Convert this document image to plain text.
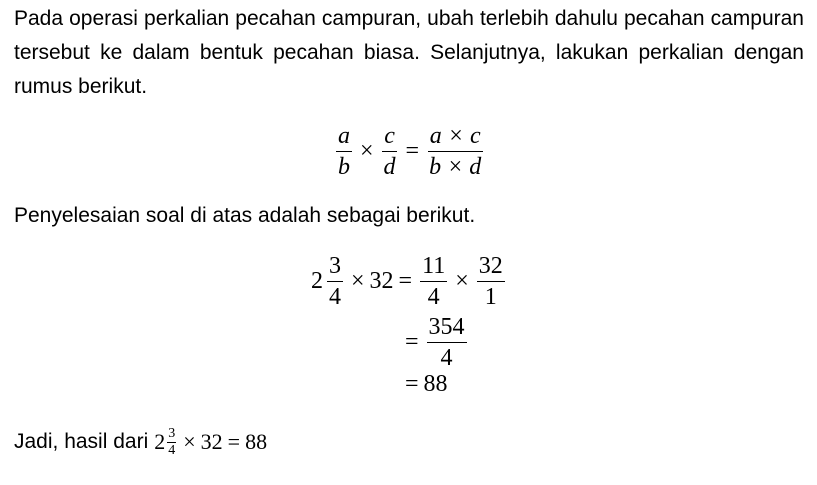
Pada operasi perkalian pecahan campuran, ubah terlebih dahulu pecahan campuran tersebut ke dalam bentuk pecahan biasa. Selanjutnya, lakukan perkalian dengan rumus berikut.

$\frac{a}{b} \times \frac{c}{d} = \frac{a \times c}{b \times d}$

Penyelesaian soal di atas adalah sebagai berikut.

$2 \frac{3}{4} \times 32 = \frac{11}{4} \times \frac{32}{1}$
= $\frac{354}{4}$
= 88

Jadi, hasil dari $2 \frac{3}{4} \times 32 = 88$
